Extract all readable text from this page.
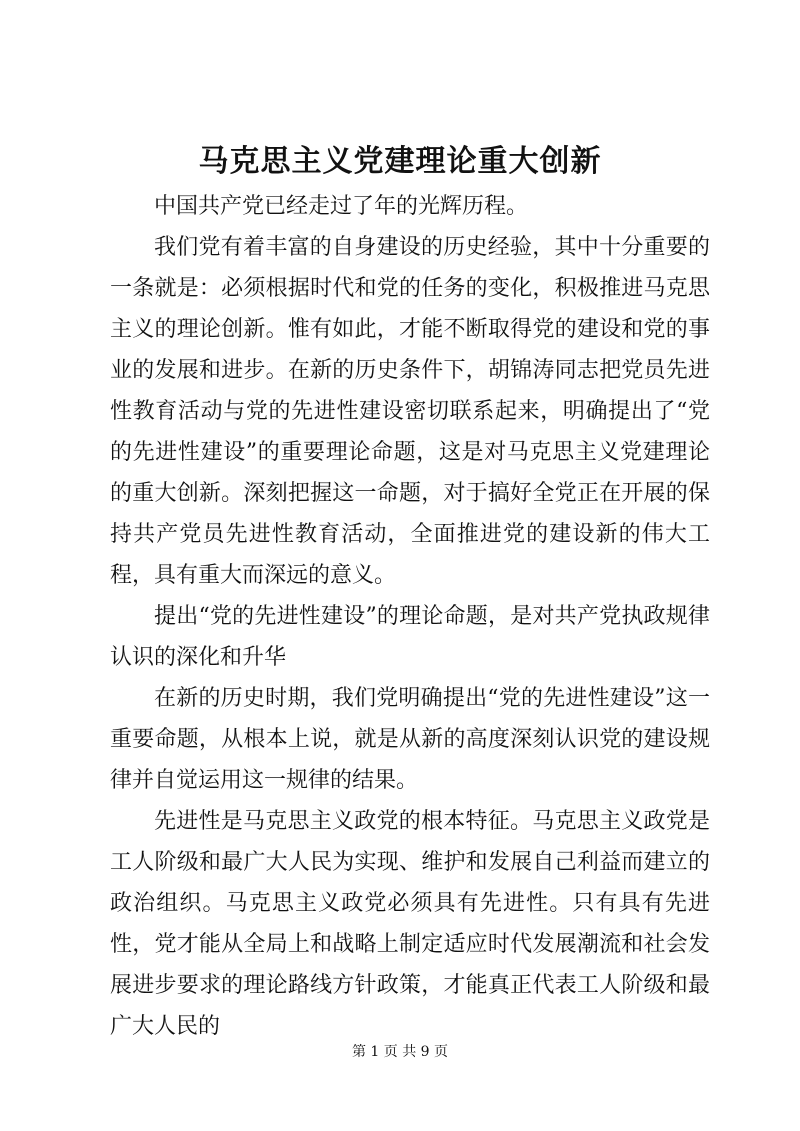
马克思主义党建理论重大创新

中国共产党已经走过了年的光辉历程。

我们党有着丰富的自身建设的历史经验，其中十分重要的一条就是：必须根据时代和党的任务的变化，积极推进马克思主义的理论创新。惟有如此，才能不断取得党的建设和党的事业的发展和进步。在新的历史条件下，胡锦涛同志把党员先进性教育活动与党的先进性建设密切联系起来，明确提出了“党的先进性建设”的重要理论命题，这是对马克思主义党建理论的重大创新。深刻把握这一命题，对于搞好全党正在开展的保持共产党员先进性教育活动，全面推进党的建设新的伟大工程，具有重大而深远的意义。

提出“党的先进性建设”的理论命题，是对共产党执政规律认识的深化和升华

在新的历史时期，我们党明确提出“党的先进性建设”这一重要命题，从根本上说，就是从新的高度深刻认识党的建设规律并自觉运用这一规律的结果。

先进性是马克思主义政党的根本特征。马克思主义政党是工人阶级和最广大人民为实现、维护和发展自己利益而建立的政治组织。马克思主义政党必须具有先进性。只有具有先进性，党才能从全局上和战略上制定适应时代发展潮流和社会发展进步要求的理论路线方针政策，才能真正代表工人阶级和最广大人民的

第 1 页 共 9 页
